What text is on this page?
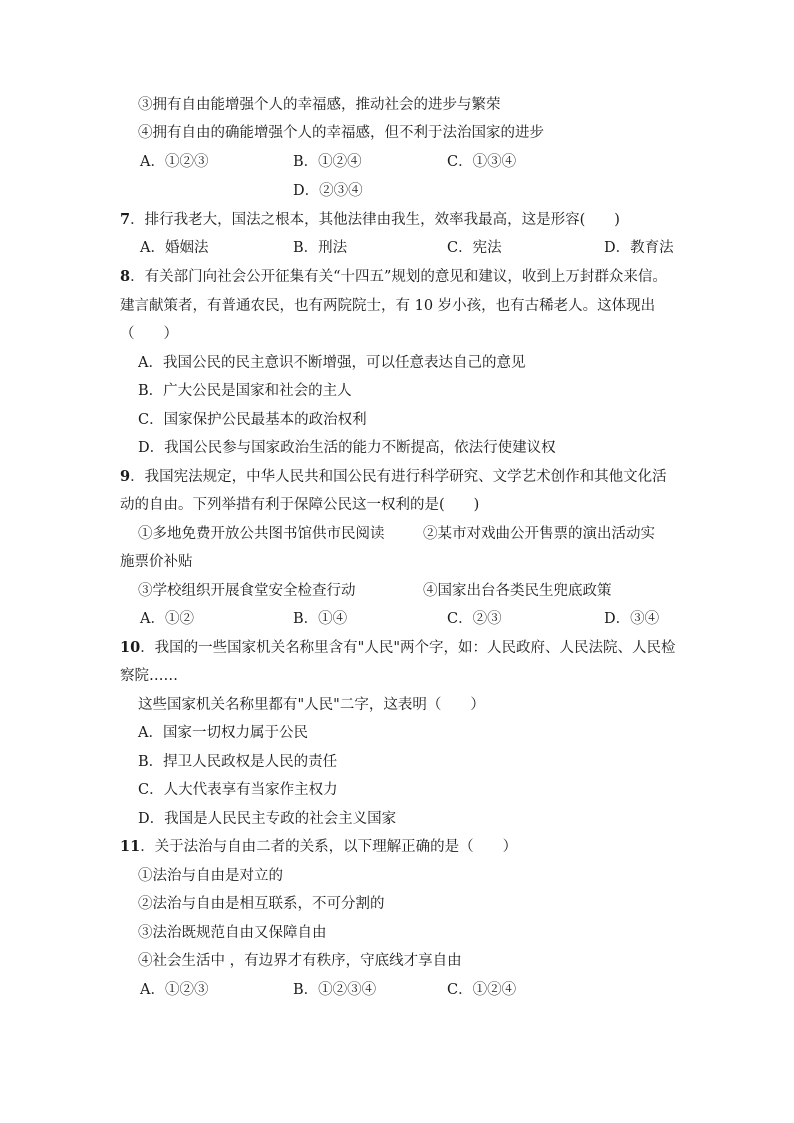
③拥有自由能增强个人的幸福感，推动社会的进步与繁荣
④拥有自由的确能增强个人的幸福感，但不利于法治国家的进步
A．①②③	B．①②④	C．①③④
D．②③④
7．排行我老大，国法之根本，其他法律由我生，效率我最高，这是形容(　　)
A．婚姻法	B．刑法	C．宪法	D．教育法
8．有关部门向社会公开征集有关“十四五”规划的意见和建议，收到上万封群众来信。
建言献策者，有普通农民，也有两院院士，有 10 岁小孩，也有古稀老人。这体现出
（　　）
A．我国公民的民主意识不断增强，可以任意表达自己的意见
B．广大公民是国家和社会的主人
C．国家保护公民最基本的政治权利
D．我国公民参与国家政治生活的能力不断提高，依法行使建议权
9．我国宪法规定，中华人民共和国公民有进行科学研究、文学艺术创作和其他文化活
动的自由。下列举措有利于保障公民这一权利的是(　　)
①多地免费开放公共图书馆供市民阅读	②某市对戏曲公开售票的演出活动实
施票价补贴
③学校组织开展食堂安全检查行动	④国家出台各类民生兜底政策
A．①②	B．①④	C．②③	D．③④
10．我国的一些国家机关名称里含有"人民"两个字，如：人民政府、人民法院、人民检
察院……
这些国家机关名称里都有"人民"二字，这表明（　　）
A．国家一切权力属于公民
B．捍卫人民政权是人民的责任
C．人大代表享有当家作主权力
D．我国是人民民主专政的社会主义国家
11．关于法治与自由二者的关系，以下理解正确的是（　　）
①法治与自由是对立的
②法治与自由是相互联系，不可分割的
③法治既规范自由又保障自由
④社会生活中 ，有边界才有秩序，守底线才享自由
A．①②③	B．①②③④	C．①②④
